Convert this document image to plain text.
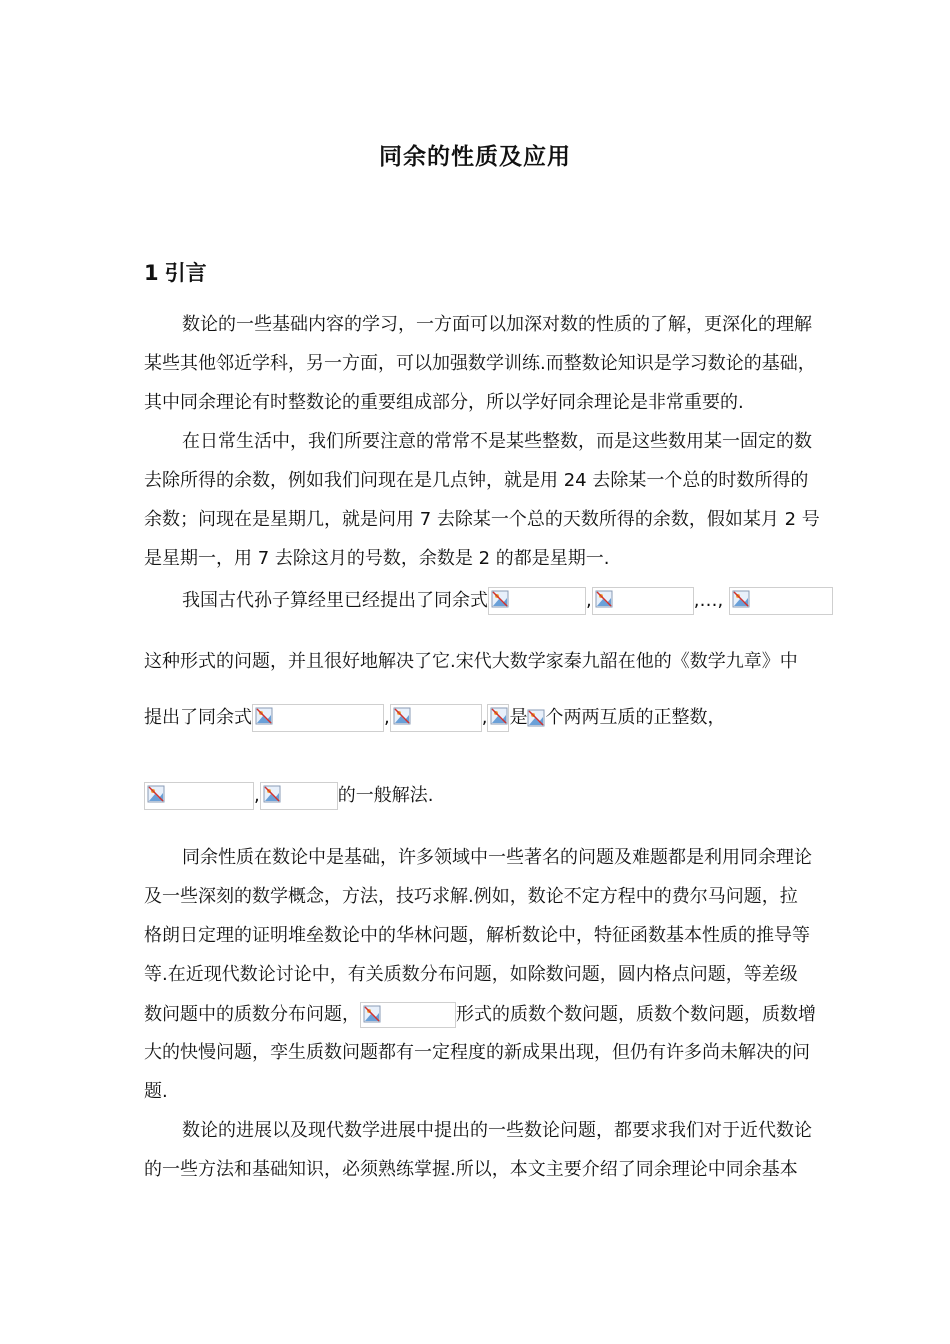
同余的性质及应用
1 引言
数论的一些基础内容的学习，一方面可以加深对数的性质的了解，更深化的理解
某些其他邻近学科，另一方面，可以加强数学训练.而整数论知识是学习数论的基础，
其中同余理论有时整数论的重要组成部分，所以学好同余理论是非常重要的.
在日常生活中，我们所要注意的常常不是某些整数，而是这些数用某一固定的数
去除所得的余数，例如我们问现在是几点钟，就是用 24 去除某一个总的时数所得的
余数；问现在是星期几，就是问用 7 去除某一个总的天数所得的余数，假如某月 2 号
是星期一，用 7 去除这月的号数，余数是 2 的都是星期一.
我国古代孙子算经里已经提出了同余式	,	,…,
这种形式的问题，并且很好地解决了它.宋代大数学家秦九韶在他的《数学九章》中
提出了同余式	,	, 是 个两两互质的正整数，
,	的一般解法.
同余性质在数论中是基础，许多领域中一些著名的问题及难题都是利用同余理论
及一些深刻的数学概念，方法，技巧求解.例如，数论不定方程中的费尔马问题，拉
格朗日定理的证明堆垒数论中的华林问题，解析数论中，特征函数基本性质的推导等
等.在近现代数论讨论中，有关质数分布问题，如除数问题，圆内格点问题，等差级
数问题中的质数分布问题，	形式的质数个数问题，质数个数问题，质数增
大的快慢问题，孪生质数问题都有一定程度的新成果出现，但仍有许多尚未解决的问
题.
数论的进展以及现代数学进展中提出的一些数论问题，都要求我们对于近代数论
的一些方法和基础知识，必须熟练掌握.所以，本文主要介绍了同余理论中同余基本
